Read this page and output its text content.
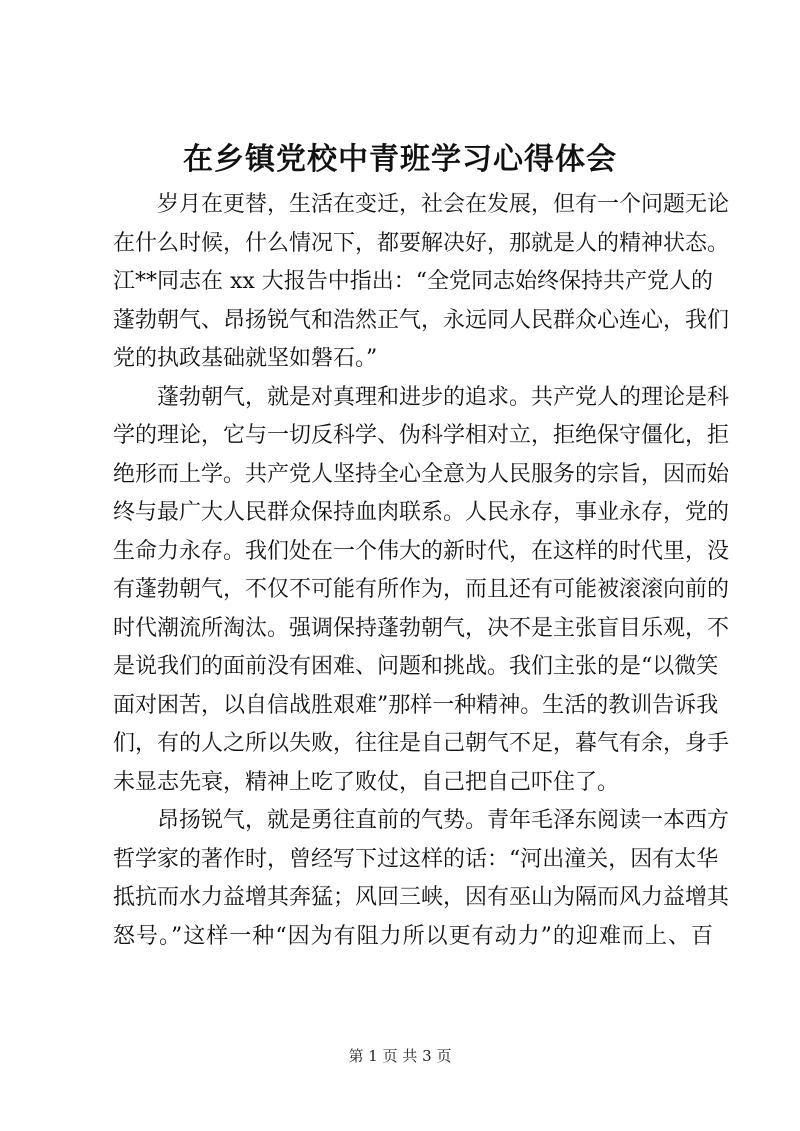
在乡镇党校中青班学习心得体会
岁月在更替，生活在变迁，社会在发展，但有一个问题无论
在什么时候，什么情况下，都要解决好，那就是人的精神状态。
江**同志在 xx 大报告中指出：“全党同志始终保持共产党人的
蓬勃朝气、昂扬锐气和浩然正气，永远同人民群众心连心，我们
党的执政基础就坚如磐石。”
蓬勃朝气，就是对真理和进步的追求。共产党人的理论是科
学的理论，它与一切反科学、伪科学相对立，拒绝保守僵化，拒
绝形而上学。共产党人坚持全心全意为人民服务的宗旨，因而始
终与最广大人民群众保持血肉联系。人民永存，事业永存，党的
生命力永存。我们处在一个伟大的新时代，在这样的时代里，没
有蓬勃朝气，不仅不可能有所作为，而且还有可能被滚滚向前的
时代潮流所淘汰。强调保持蓬勃朝气，决不是主张盲目乐观，不
是说我们的面前没有困难、问题和挑战。我们主张的是“以微笑
面对困苦，以自信战胜艰难”那样一种精神。生活的教训告诉我
们，有的人之所以失败，往往是自己朝气不足，暮气有余，身手
未显志先衰，精神上吃了败仗，自己把自己吓住了。
昂扬锐气，就是勇往直前的气势。青年毛泽东阅读一本西方
哲学家的著作时，曾经写下过这样的话：“河出潼关，因有太华
抵抗而水力益增其奔猛；风回三峡，因有巫山为隔而风力益增其
怒号。”这样一种“因为有阻力所以更有动力”的迎难而上、百
第 1 页 共 3 页
